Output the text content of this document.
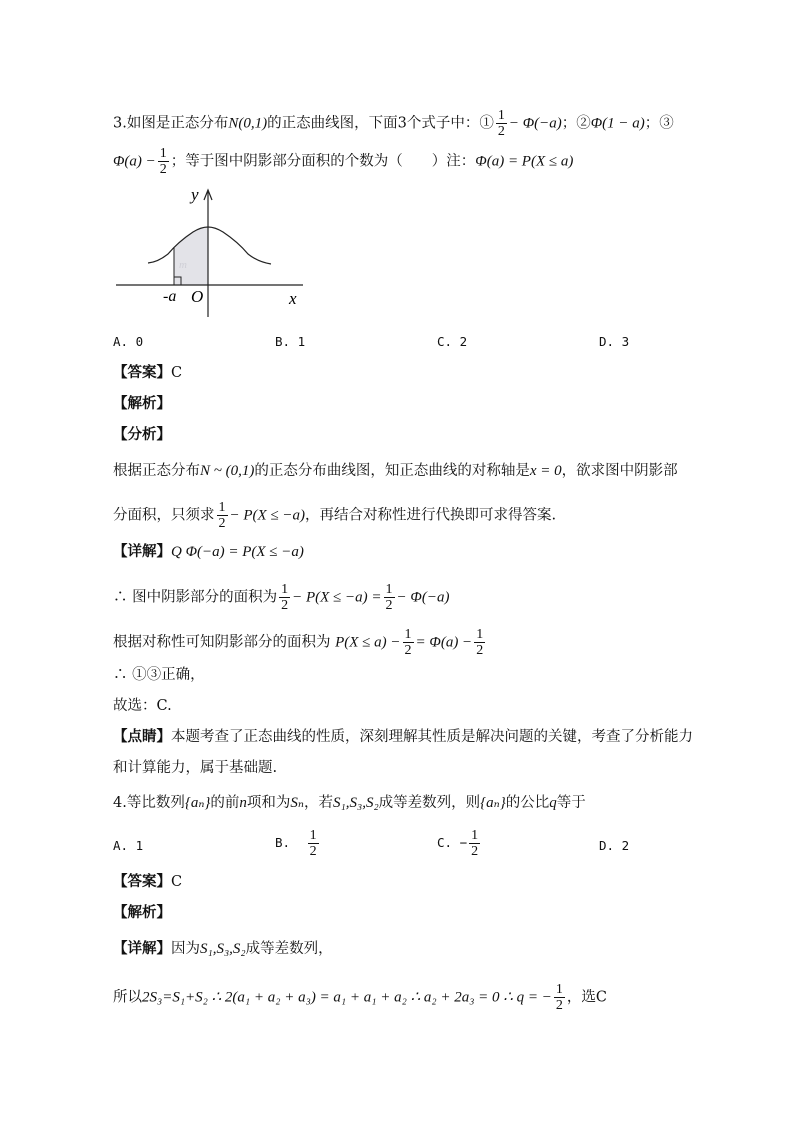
3.如图是正态分布N(0,1)的正态曲线图，下面3个式子中：① $\frac{1}{2} - \Phi(-a)$；②Φ(1 − a)；③
$\Phi(a) - \frac{1}{2}$ ；等于图中阴影部分面积的个数为（　　）注：Φ(a) = P(X ≤ a)
m
y
x
O
-a
A. 0	B. 1	C. 2	D. 3
【答案】C
【解析】
【分析】
根据正态分布N ~ (0,1)的正态分布曲线图，知正态曲线的对称轴是x = 0，欲求图中阴影部
分面积，只须求 $\frac{1}{2} - P(X \le -a)$，再结合对称性进行代换即可求得答案.
【详解】Q Φ(−a) = P(X ≤ −a)
∴ 图中阴影部分的面积为 $\frac{1}{2} - P(X \le -a) = \frac{1}{2} - \Phi(-a)$
根据对称性可知阴影部分的面积为 $P(X \le a) - \frac{1}{2} = \Phi(a) - \frac{1}{2}$
∴ ①③正确，
故选：C.
【点睛】本题考查了正态曲线的性质，深刻理解其性质是解决问题的关键，考查了分析能力
和计算能力，属于基础题.
4.等比数列{aₙ}的前n项和为Sₙ，若S₁,S₃,S₂成等差数列，则{aₙ}的公比q等于
A. 1	B. $\frac{1}{2}$	C. − $\frac{1}{2}$	D. 2
【答案】C
【解析】
【详解】因为S₁,S₃,S₂成等差数列，
所以2S₃=S₁+S₂ ∴ 2(a₁ + a₂ + a₃) = a₁ + a₁ + a₂ ∴ a₂ + 2a₃ = 0 ∴ q = − $\frac{1}{2}$ ，选C
